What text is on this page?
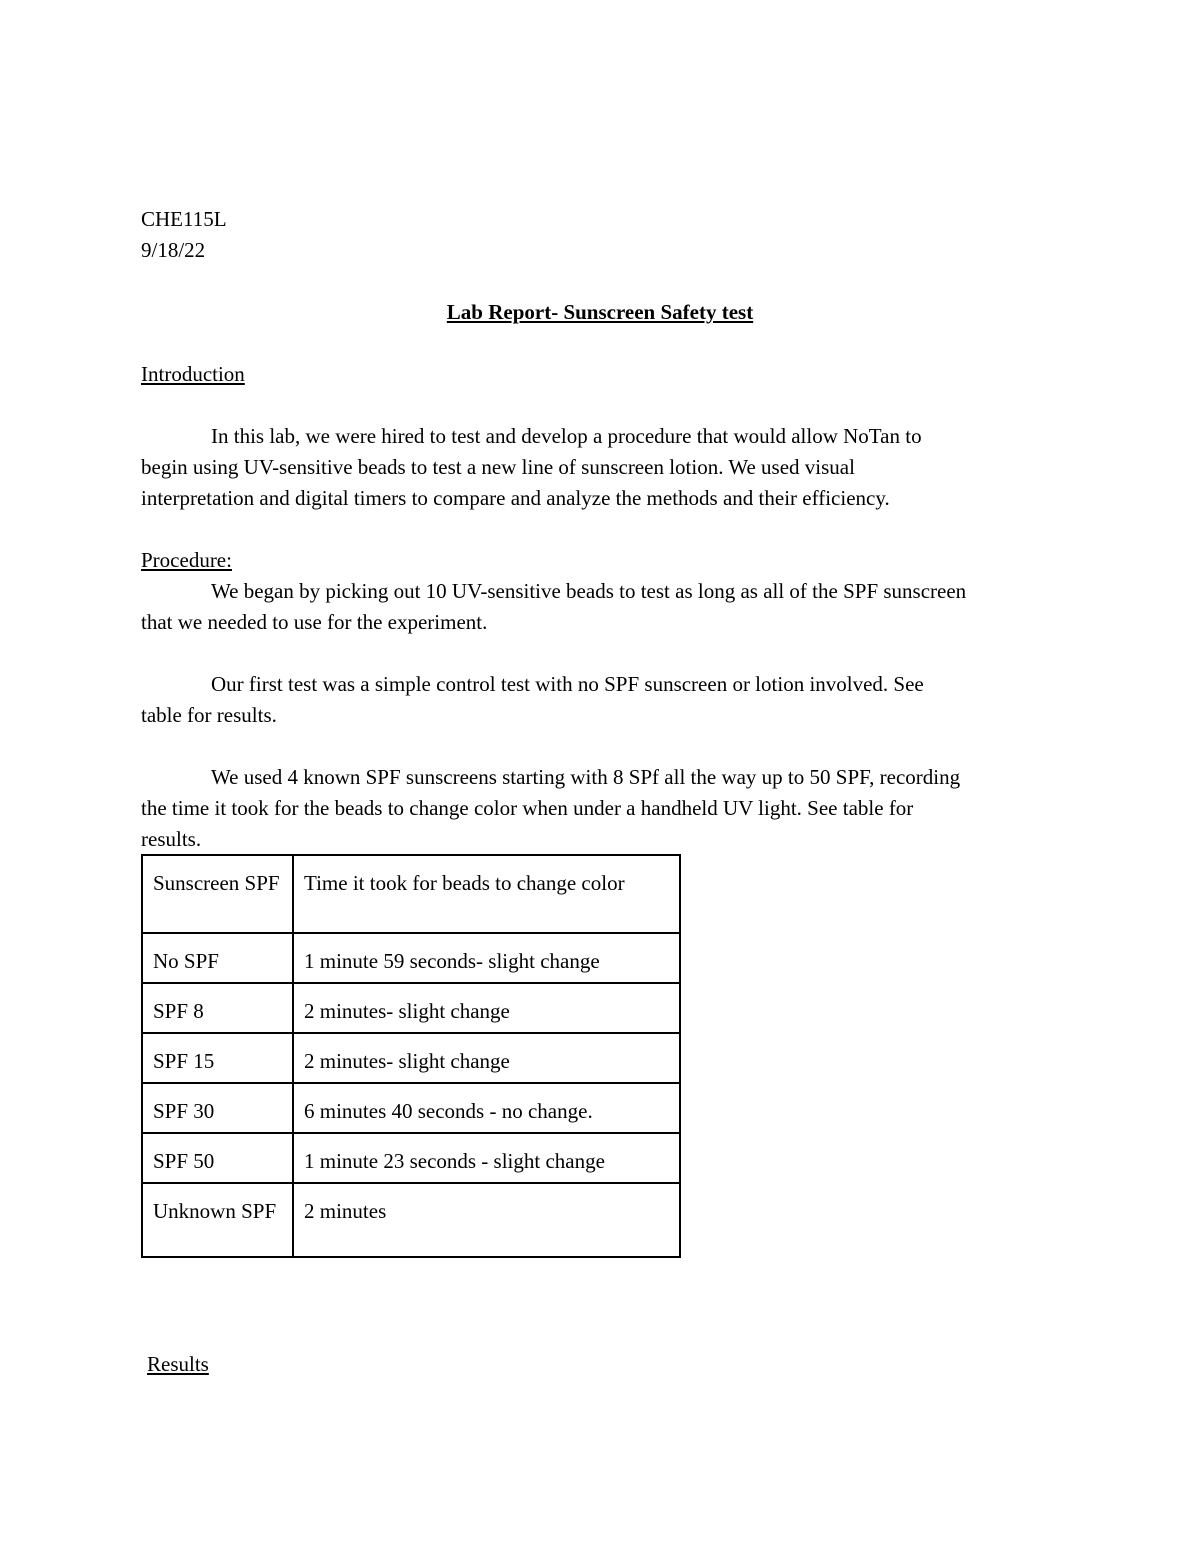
CHE115L
9/18/22
Lab Report- Sunscreen Safety test
Introduction
In this lab, we were hired to test and develop a procedure that would allow NoTan to
begin using UV-sensitive beads to test a new line of sunscreen lotion. We used visual
interpretation and digital timers to compare and analyze the methods and their efficiency.
Procedure:
We began by picking out 10 UV-sensitive beads to test as long as all of the SPF sunscreen
that we needed to use for the experiment.
Our first test was a simple control test with no SPF sunscreen or lotion involved. See
table for results.
We used 4 known SPF sunscreens starting with 8 SPf all the way up to 50 SPF, recording
the time it took for the beads to change color when under a handheld UV light. See table for
results.
Sunscreen SPF	Time it took for beads to change color
No SPF	1 minute 59 seconds- slight change
SPF 8	2 minutes- slight change
SPF 15	2 minutes- slight change
SPF 30	6 minutes 40 seconds - no change.
SPF 50	1 minute 23 seconds - slight change
Unknown SPF	2 minutes
Results
